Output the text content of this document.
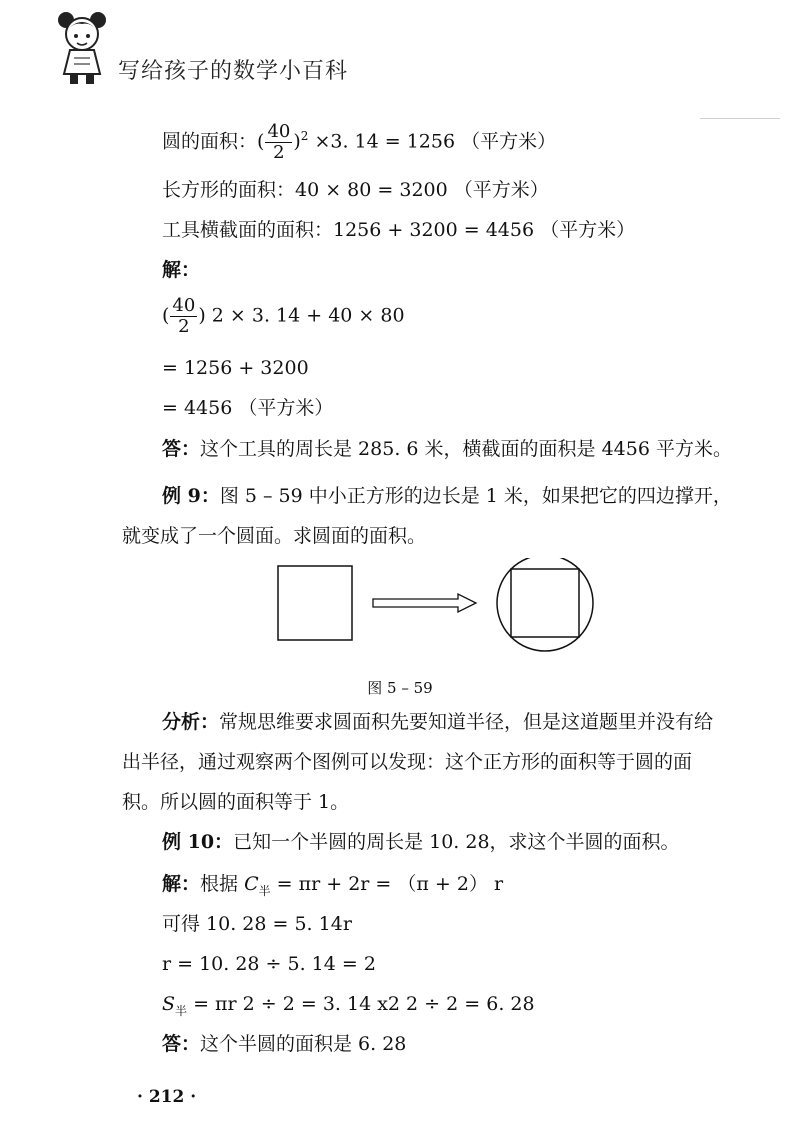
写给孩子的数学小百科
圆的面积：( $\frac{40}{2} )^2 \times 3$. 14 = 1256 （平方米）
长方形的面积：40 × 80 = 3200 （平方米）
工具横截面的面积：1256 + 3200 = 4456 （平方米）
解：
( $\frac{40}{2}$ ) 2 × 3. 14 + 40 × 80
= 1256 + 3200
= 4456 （平方米）
答：这个工具的周长是 285. 6 米，横截面的面积是 4456 平方米。
例 9：图 5 – 59 中小正方形的边长是 1 米，如果把它的四边撑开，
就变成了一个圆面。求圆面的面积。
图 5 – 59
分析：常规思维要求圆面积先要知道半径，但是这道题里并没有给
出半径，通过观察两个图例可以发现：这个正方形的面积等于圆的面
积。所以圆的面积等于 1。
例 10：已知一个半圆的周长是 10. 28，求这个半圆的面积。
解：根据 $C_半 = \pi r + 2r = (\pi + 2)$ r
可得 10. 28 = 5. 14r
r = 10. 28 ÷ 5. 14 = 2
$S_半 = \pi r$ 2 ÷ 2 = 3. 14 x2 2 ÷ 2 = 6. 28
答：这个半圆的面积是 6. 28
· 212 ·
